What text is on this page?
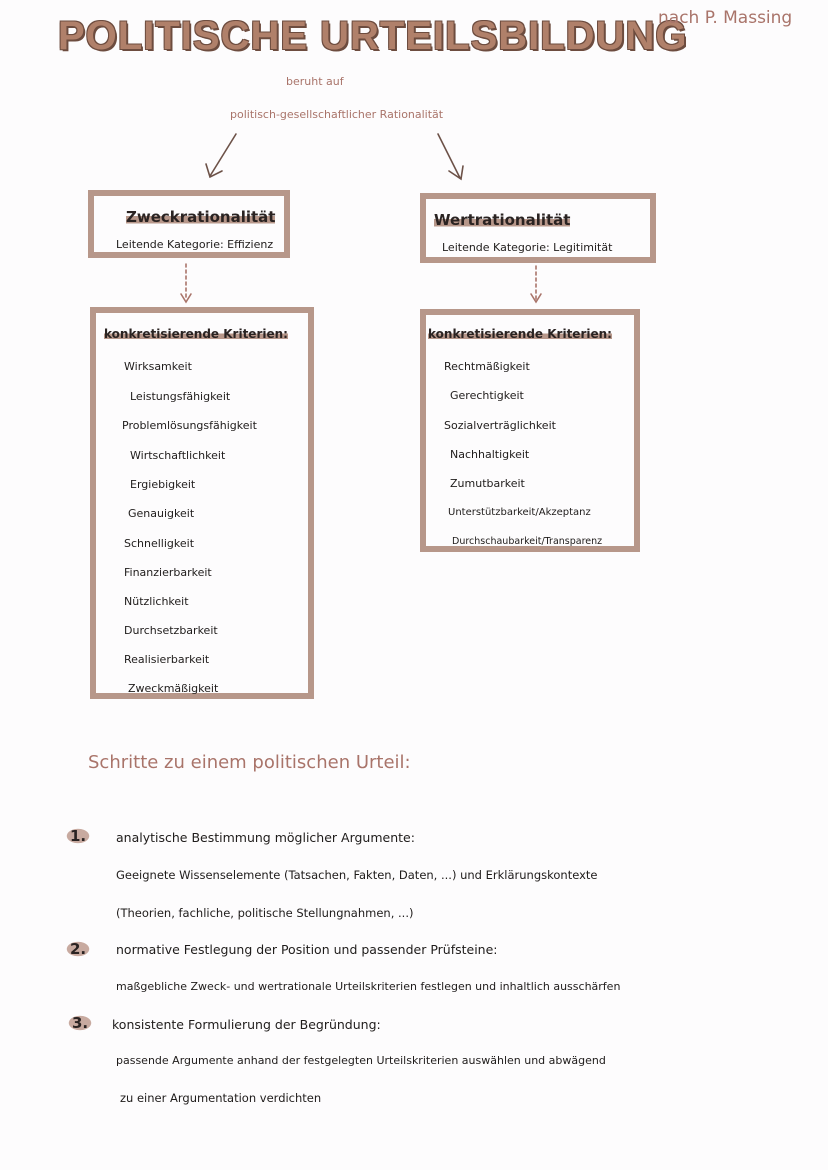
POLITISCHE URTEILSBILDUNG
nach P. Massing
beruht auf
politisch-gesellschaftlicher Rationalität
Zweckrationalität
Leitende Kategorie: Effizienz
Wertrationalität
Leitende Kategorie: Legitimität
konkretisierende Kriterien:
Wirksamkeit
Leistungsfähigkeit
Problemlösungsfähigkeit
Wirtschaftlichkeit
Ergiebigkeit
Genauigkeit
Schnelligkeit
Finanzierbarkeit
Nützlichkeit
Durchsetzbarkeit
Realisierbarkeit
Zweckmäßigkeit
konkretisierende Kriterien:
Rechtmäßigkeit
Gerechtigkeit
Sozialverträglichkeit
Nachhaltigkeit
Zumutbarkeit
Unterstützbarkeit/Akzeptanz
Durchschaubarkeit/Transparenz
Schritte zu einem politischen Urteil:
1.	analytische Bestimmung möglicher Argumente:
Geeignete Wissenselemente (Tatsachen, Fakten, Daten, ...) und Erklärungskontexte
(Theorien, fachliche, politische Stellungnahmen, ...)
2.	normative Festlegung der Position und passender Prüfsteine:
maßgebliche Zweck- und wertrationale Urteilskriterien festlegen und inhaltlich ausschärfen
3.	konsistente Formulierung der Begründung:
passende Argumente anhand der festgelegten Urteilskriterien auswählen und abwägend
zu einer Argumentation verdichten
